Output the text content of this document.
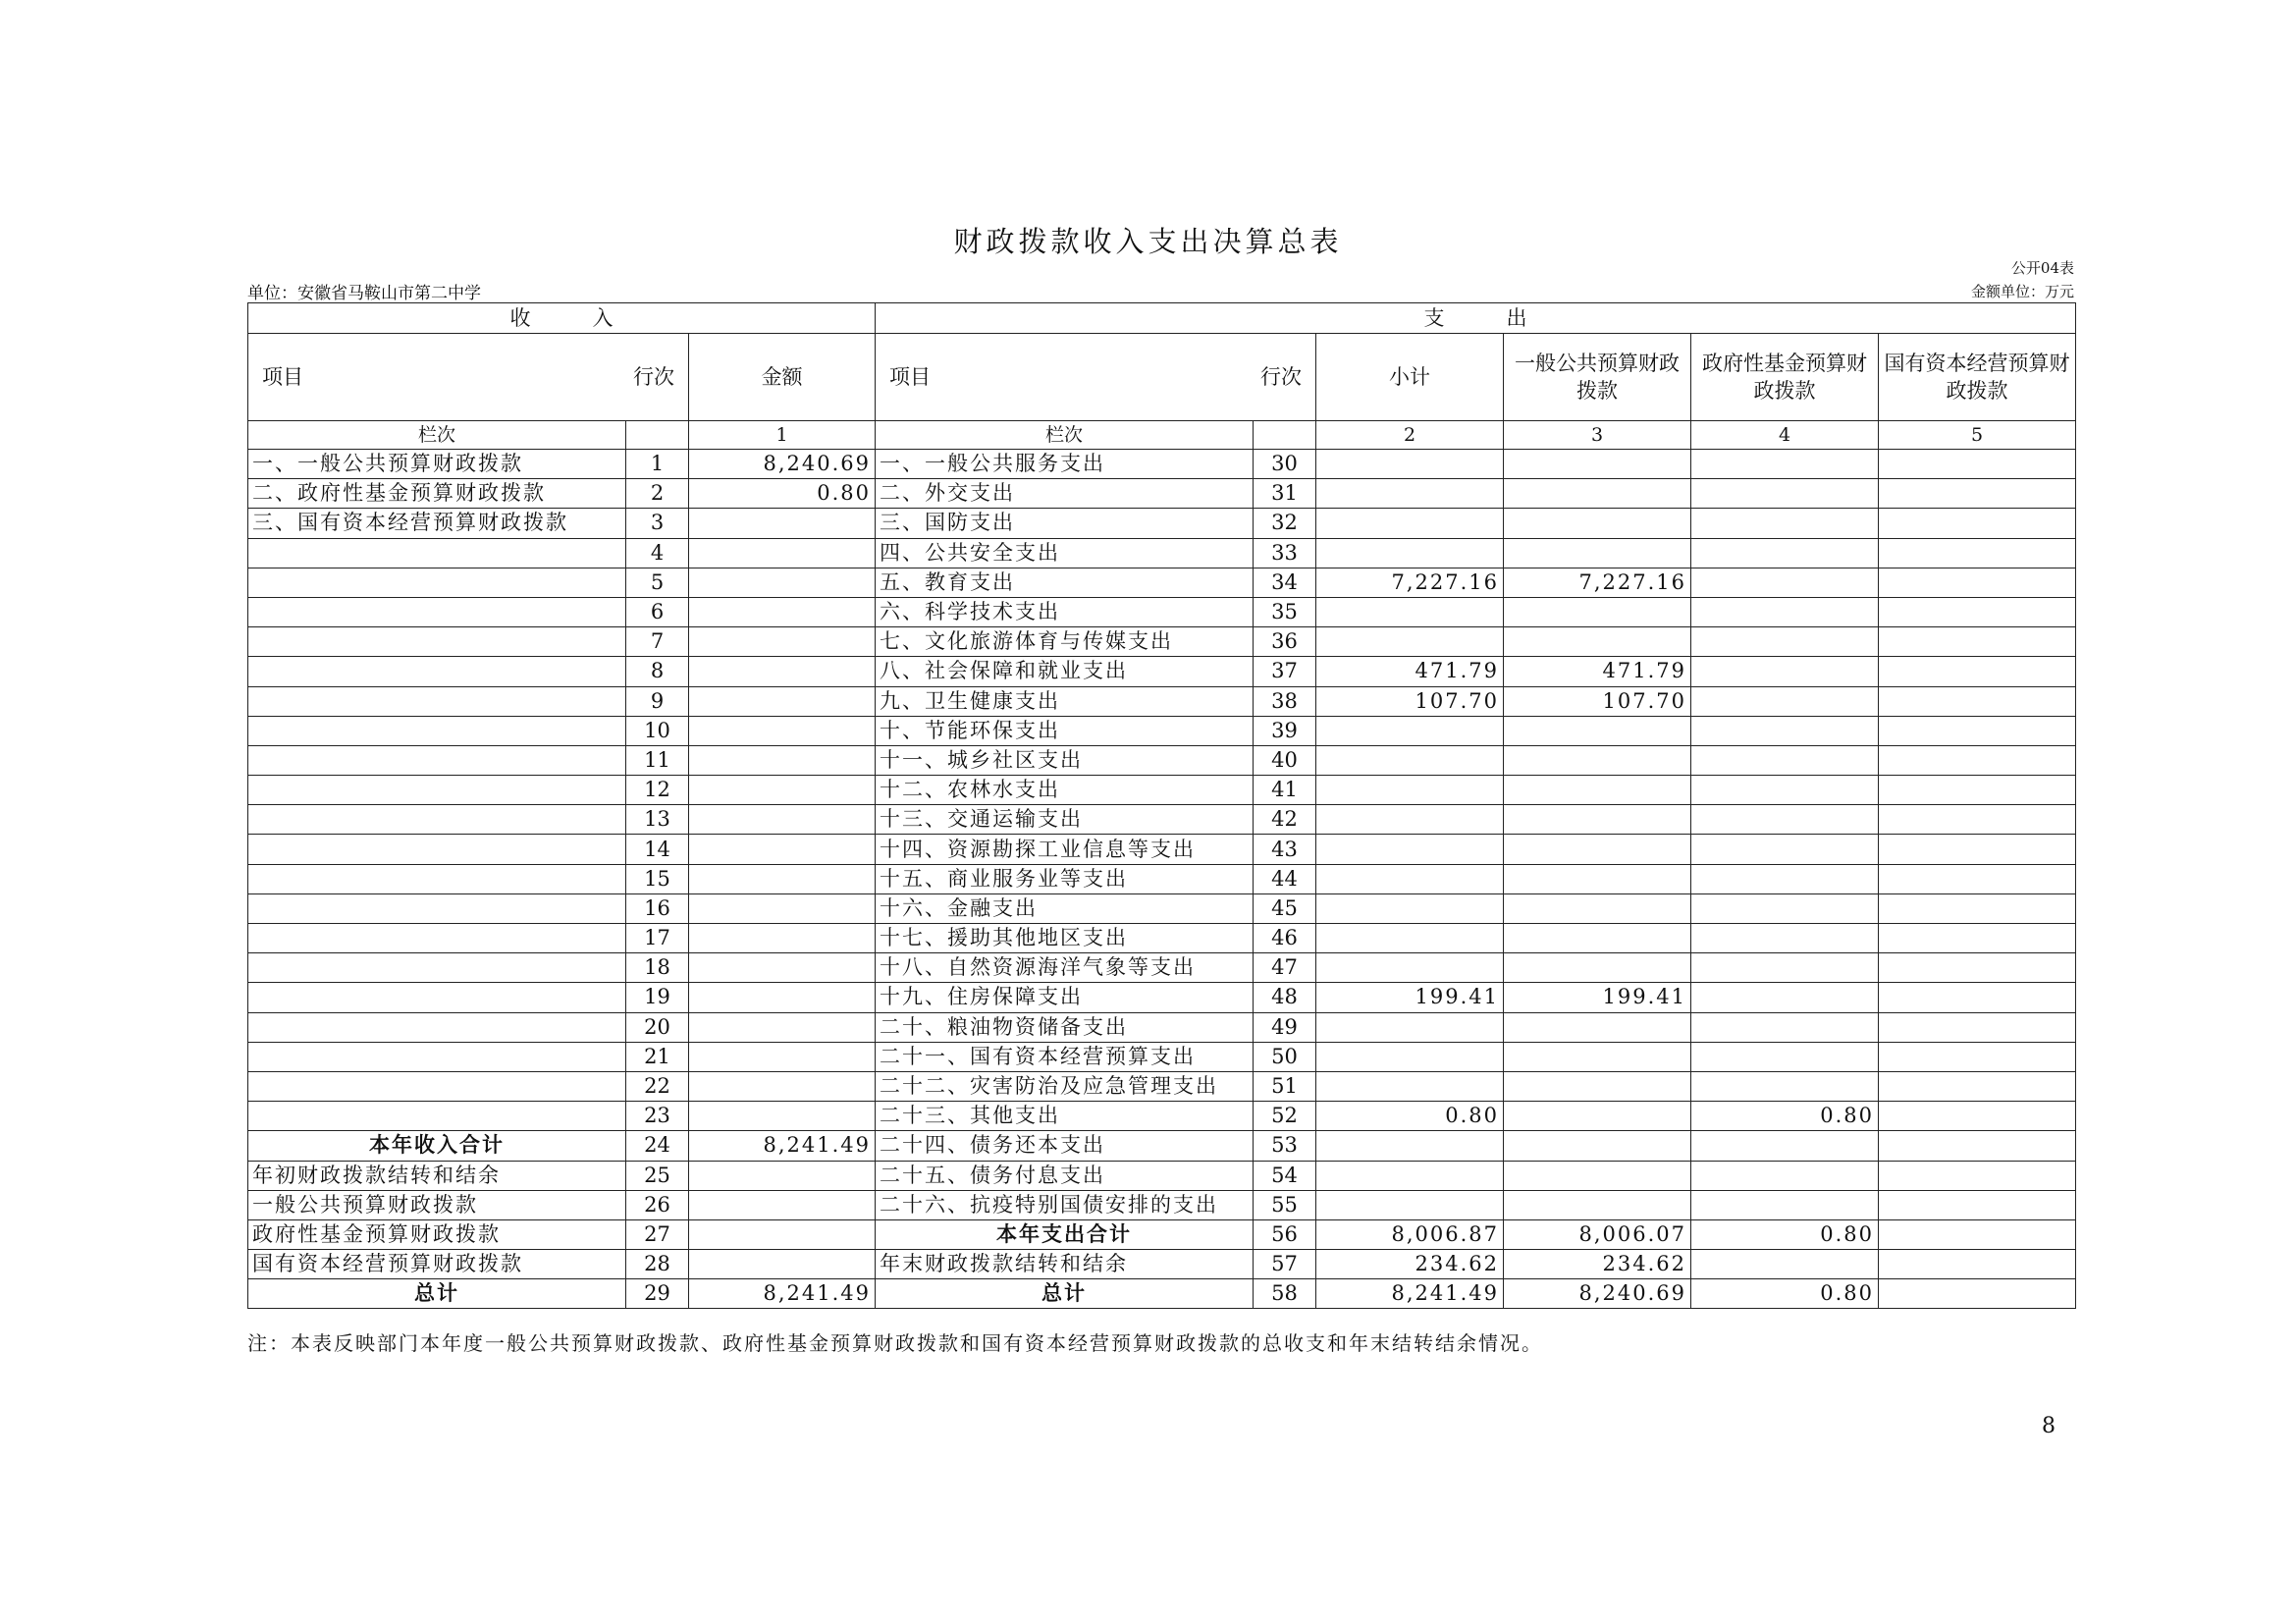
财政拨款收入支出决算总表
公开04表
单位：安徽省马鞍山市第二中学	金额单位：万元
收　　　入			支　　　出					

项目 行次		金额	项目 行次		小计	一般公共预算财政拨款	政府性基金预算财政拨款	国有资本经营预算财政拨款
栏次		1	栏次		2	3	4	5
一、一般公共预算财政拨款	1	8,240.69	一、一般公共服务支出	30				
二、政府性基金预算财政拨款	2	0.80	二、外交支出	31				
三、国有资本经营预算财政拨款	3		三、国防支出	32				
	4		四、公共安全支出	33				
	5		五、教育支出	34	7,227.16	7,227.16		
	6		六、科学技术支出	35				
	7		七、文化旅游体育与传媒支出	36				
	8		八、社会保障和就业支出	37	471.79	471.79		
	9		九、卫生健康支出	38	107.70	107.70		
	10		十、节能环保支出	39				
	11		十一、城乡社区支出	40				
	12		十二、农林水支出	41				
	13		十三、交通运输支出	42				
	14		十四、资源勘探工业信息等支出	43				
	15		十五、商业服务业等支出	44				
	16		十六、金融支出	45				
	17		十七、援助其他地区支出	46				
	18		十八、自然资源海洋气象等支出	47				
	19		十九、住房保障支出	48	199.41	199.41		
	20		二十、粮油物资储备支出	49				
	21		二十一、国有资本经营预算支出	50				
	22		二十二、灾害防治及应急管理支出	51				
	23		二十三、其他支出	52	0.80		0.80	
本年收入合计	24	8,241.49	二十四、债务还本支出	53				
年初财政拨款结转和结余	25		二十五、债务付息支出	54				
一般公共预算财政拨款	26		二十六、抗疫特别国债安排的支出	55				
政府性基金预算财政拨款	27		本年支出合计	56	8,006.87	8,006.07	0.80	
国有资本经营预算财政拨款	28		年末财政拨款结转和结余	57	234.62	234.62		
总计	29	8,241.49	总计	58	8,241.49	8,240.69	0.80	
注：本表反映部门本年度一般公共预算财政拨款、政府性基金预算财政拨款和国有资本经营预算财政拨款的总收支和年末结转结余情况。
8
